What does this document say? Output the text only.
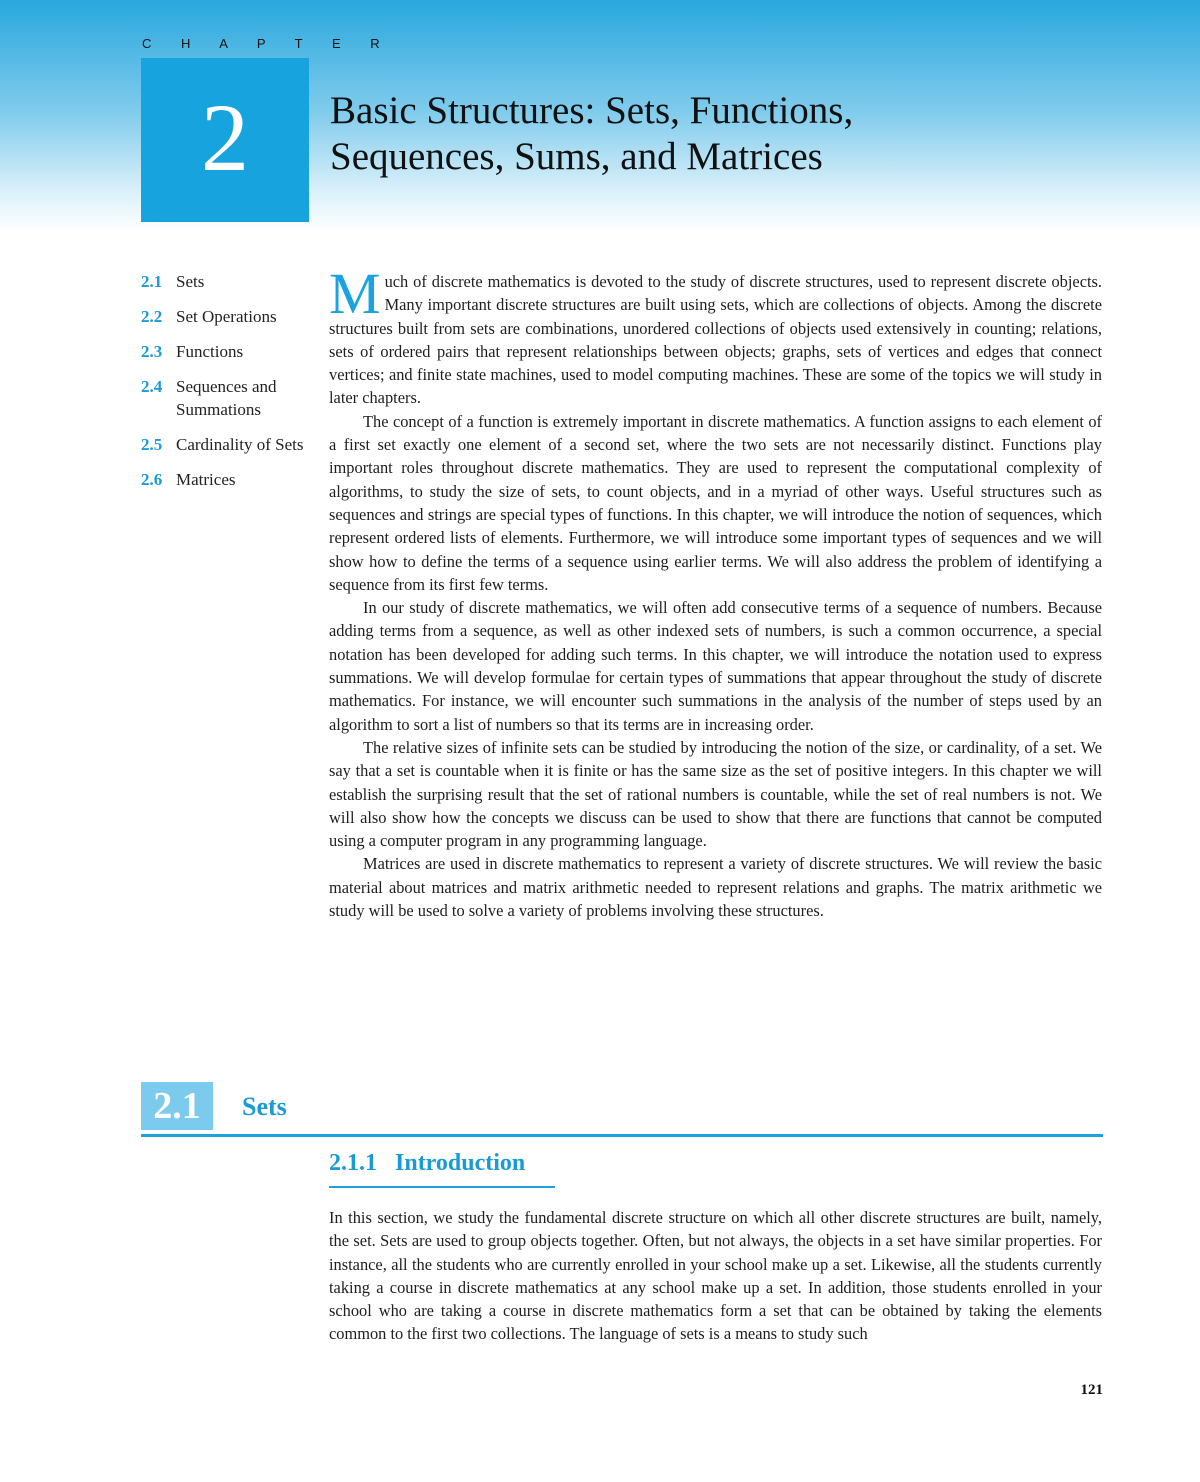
C H A P T E R
2 Basic Structures: Sets, Functions,
Sequences, Sums, and Matrices
2.1 Sets
2.2 Set Operations
2.3 Functions
2.4 Sequences and Summations
2.5 Cardinality of Sets
2.6 Matrices

Much of discrete mathematics is devoted to the study of discrete structures, used to represent discrete objects. Many important discrete structures are built using sets, which are collections of objects. Among the discrete structures built from sets are combinations, unordered collections of objects used extensively in counting; relations, sets of ordered pairs that represent relationships between objects; graphs, sets of vertices and edges that connect vertices; and finite state machines, used to model computing machines. These are some of the topics we will study in later chapters.

The concept of a function is extremely important in discrete mathematics. A function assigns to each element of a first set exactly one element of a second set, where the two sets are not necessarily distinct. Functions play important roles throughout discrete mathematics. They are used to represent the computational complexity of algorithms, to study the size of sets, to count objects, and in a myriad of other ways. Useful structures such as sequences and strings are special types of functions. In this chapter, we will introduce the notion of sequences, which represent ordered lists of elements. Furthermore, we will introduce some important types of sequences and we will show how to define the terms of a sequence using earlier terms. We will also address the problem of identifying a sequence from its first few terms.

In our study of discrete mathematics, we will often add consecutive terms of a sequence of numbers. Because adding terms from a sequence, as well as other indexed sets of numbers, is such a common occurrence, a special notation has been developed for adding such terms. In this chapter, we will introduce the notation used to express summations. We will develop formulae for certain types of summations that appear throughout the study of discrete mathematics. For instance, we will encounter such summations in the analysis of the number of steps used by an algorithm to sort a list of numbers so that its terms are in increasing order.

The relative sizes of infinite sets can be studied by introducing the notion of the size, or cardinality, of a set. We say that a set is countable when it is finite or has the same size as the set of positive integers. In this chapter we will establish the surprising result that the set of rational numbers is countable, while the set of real numbers is not. We will also show how the concepts we discuss can be used to show that there are functions that cannot be computed using a computer program in any programming language.

Matrices are used in discrete mathematics to represent a variety of discrete structures. We will review the basic material about matrices and matrix arithmetic needed to represent relations and graphs. The matrix arithmetic we study will be used to solve a variety of problems involving these structures.

2.1	Sets
2.1.1 Introduction

In this section, we study the fundamental discrete structure on which all other discrete structures are built, namely, the set. Sets are used to group objects together. Often, but not always, the objects in a set have similar properties. For instance, all the students who are currently enrolled in your school make up a set. Likewise, all the students currently taking a course in discrete mathematics at any school make up a set. In addition, those students enrolled in your school who are taking a course in discrete mathematics form a set that can be obtained by taking the elements common to the first two collections. The language of sets is a means to study such

121
